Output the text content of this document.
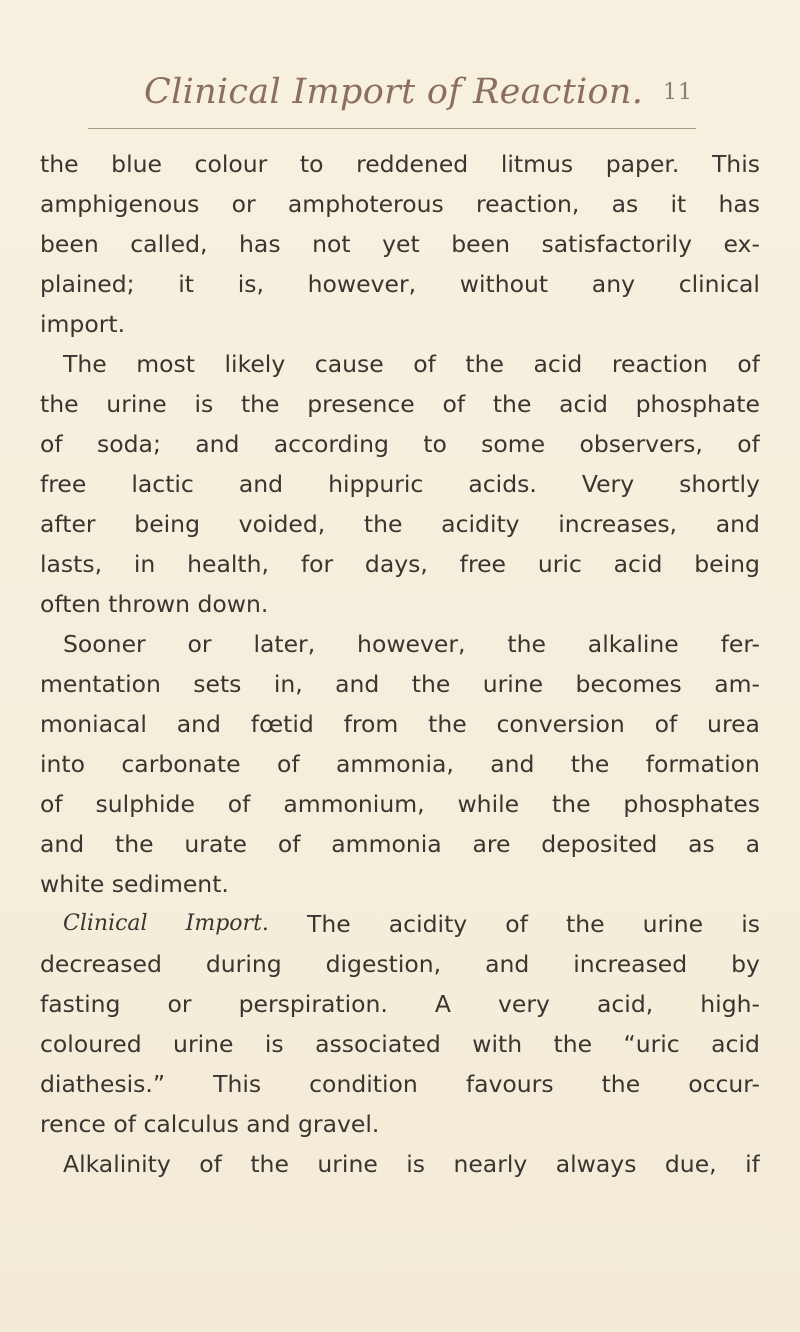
Clinical Import of Reaction. 11
the blue colour to reddened litmus paper. This
amphigenous or amphoterous reaction, as it has
been called, has not yet been satisfactorily ex-
plained; it is, however, without any clinical
import.
The most likely cause of the acid reaction of
the urine is the presence of the acid phosphate
of soda; and according to some observers, of
free lactic and hippuric acids. Very shortly
after being voided, the acidity increases, and
lasts, in health, for days, free uric acid being
often thrown down.
Sooner or later, however, the alkaline fer-
mentation sets in, and the urine becomes am-
moniacal and fœtid from the conversion of urea
into carbonate of ammonia, and the formation
of sulphide of ammonium, while the phosphates
and the urate of ammonia are deposited as a
white sediment.
Clinical Import. The acidity of the urine is
decreased during digestion, and increased by
fasting or perspiration. A very acid, high-
coloured urine is associated with the “uric acid
diathesis.” This condition favours the occur-
rence of calculus and gravel.
Alkalinity of the urine is nearly always due, if
